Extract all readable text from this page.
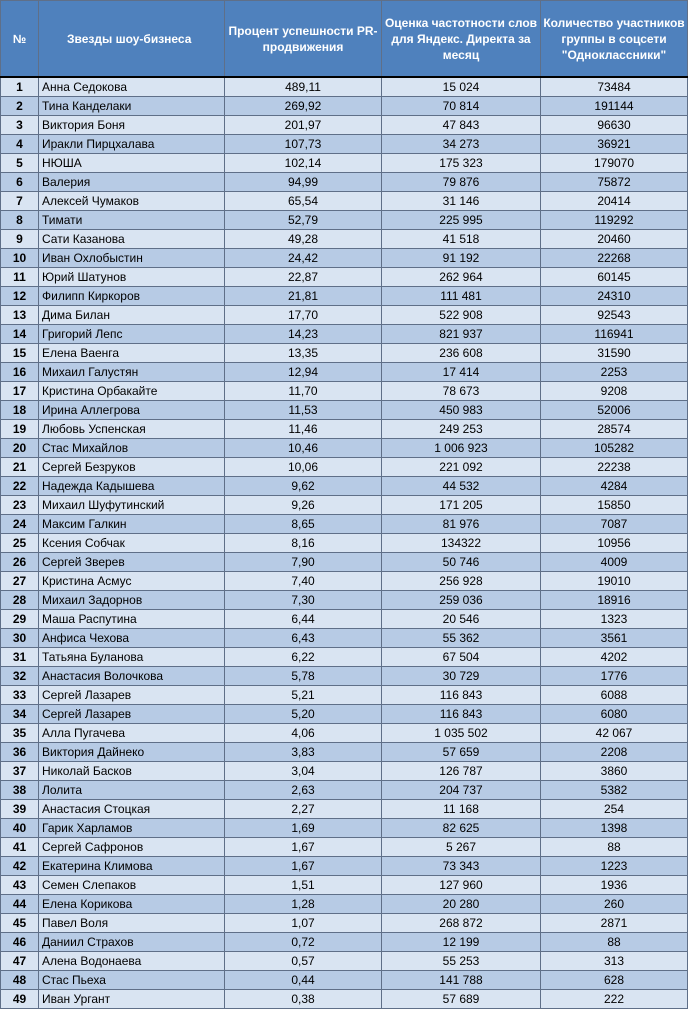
№	Звезды шоу-бизнеса	Процент успешности PR-продвижения	Оценка частотности слов для Яндекс. Директа за месяц	Количество участников группы в соцсети "Одноклассники"
1	Анна Седокова	489,11	15 024	73484
2	Тина Канделаки	269,92	70 814	191144
3	Виктория Боня	201,97	47 843	96630
4	Иракли Пирцхалава	107,73	34 273	36921
5	НЮША	102,14	175 323	179070
6	Валерия	94,99	79 876	75872
7	Алексей Чумаков	65,54	31 146	20414
8	Тимати	52,79	225 995	119292
9	Сати Казанова	49,28	41 518	20460
10	Иван Охлобыстин	24,42	91 192	22268
11	Юрий Шатунов	22,87	262 964	60145
12	Филипп Киркоров	21,81	111 481	24310
13	Дима Билан	17,70	522 908	92543
14	Григорий Лепс	14,23	821 937	116941
15	Елена Ваенга	13,35	236 608	31590
16	Михаил Галустян	12,94	17 414	2253
17	Кристина Орбакайте	11,70	78 673	9208
18	Ирина Аллегрова	11,53	450 983	52006
19	Любовь Успенская	11,46	249 253	28574
20	Стас Михайлов	10,46	1 006 923	105282
21	Сергей Безруков	10,06	221 092	22238
22	Надежда Кадышева	9,62	44 532	4284
23	Михаил Шуфутинский	9,26	171 205	15850
24	Максим Галкин	8,65	81 976	7087
25	Ксения Собчак	8,16	134322	10956
26	Сергей Зверев	7,90	50 746	4009
27	Кристина Асмус	7,40	256 928	19010
28	Михаил Задорнов	7,30	259 036	18916
29	Маша Распутина	6,44	20 546	1323
30	Анфиса Чехова	6,43	55 362	3561
31	Татьяна Буланова	6,22	67 504	4202
32	Анастасия Волочкова	5,78	30 729	1776
33	Сергей Лазарев	5,21	116 843	6088
34	Сергей Лазарев	5,20	116 843	6080
35	Алла Пугачева	4,06	1 035 502	42 067
36	Виктория Дайнеко	3,83	57 659	2208
37	Николай Басков	3,04	126 787	3860
38	Лолита	2,63	204 737	5382
39	Анастасия Стоцкая	2,27	11 168	254
40	Гарик Харламов	1,69	82 625	1398
41	Сергей Сафронов	1,67	5 267	88
42	Екатерина Климова	1,67	73 343	1223
43	Семен Слепаков	1,51	127 960	1936
44	Елена Корикова	1,28	20 280	260
45	Павел Воля	1,07	268 872	2871
46	Даниил Страхов	0,72	12 199	88
47	Алена Водонаева	0,57	55 253	313
48	Стас Пьеха	0,44	141 788	628
49	Иван Ургант	0,38	57 689	222
